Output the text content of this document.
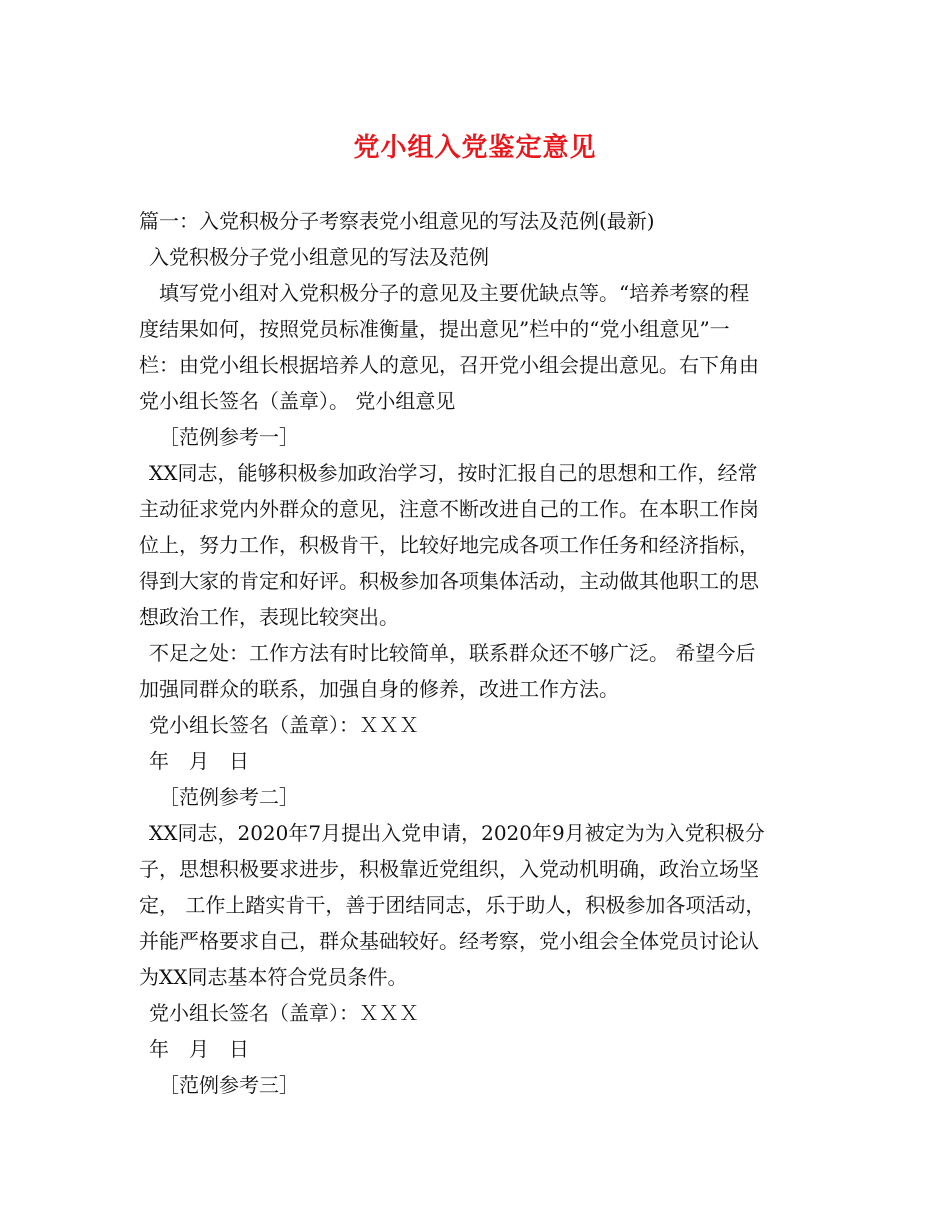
党小组入党鉴定意见
篇一：入党积极分子考察表党小组意见的写法及范例(最新)
入党积极分子党小组意见的写法及范例
填写党小组对入党积极分子的意见及主要优缺点等。“培养考察的程
度结果如何，按照党员标准衡量，提出意见”栏中的“党小组意见”一
栏：由党小组长根据培养人的意见，召开党小组会提出意见。右下角由
党小组长签名（盖章）。 党小组意见
［范例参考一］
XX同志，能够积极参加政治学习，按时汇报自己的思想和工作，经常
主动征求党内外群众的意见，注意不断改进自己的工作。在本职工作岗
位上，努力工作，积极肯干，比较好地完成各项工作任务和经济指标，
得到大家的肯定和好评。积极参加各项集体活动，主动做其他职工的思
想政治工作，表现比较突出。
不足之处：工作方法有时比较简单，联系群众还不够广泛。 希望今后
加强同群众的联系，加强自身的修养，改进工作方法。
党小组长签名（盖章）：ＸＸＸ
年　月　日
［范例参考二］
XX同志，2020年7月提出入党申请，2020年9月被定为为入党积极分
子，思想积极要求进步，积极靠近党组织，入党动机明确，政治立场坚
定， 工作上踏实肯干，善于团结同志，乐于助人，积极参加各项活动，
并能严格要求自己，群众基础较好。经考察，党小组会全体党员讨论认
为XX同志基本符合党员条件。
党小组长签名（盖章）：ＸＸＸ
年　月　日
［范例参考三］
